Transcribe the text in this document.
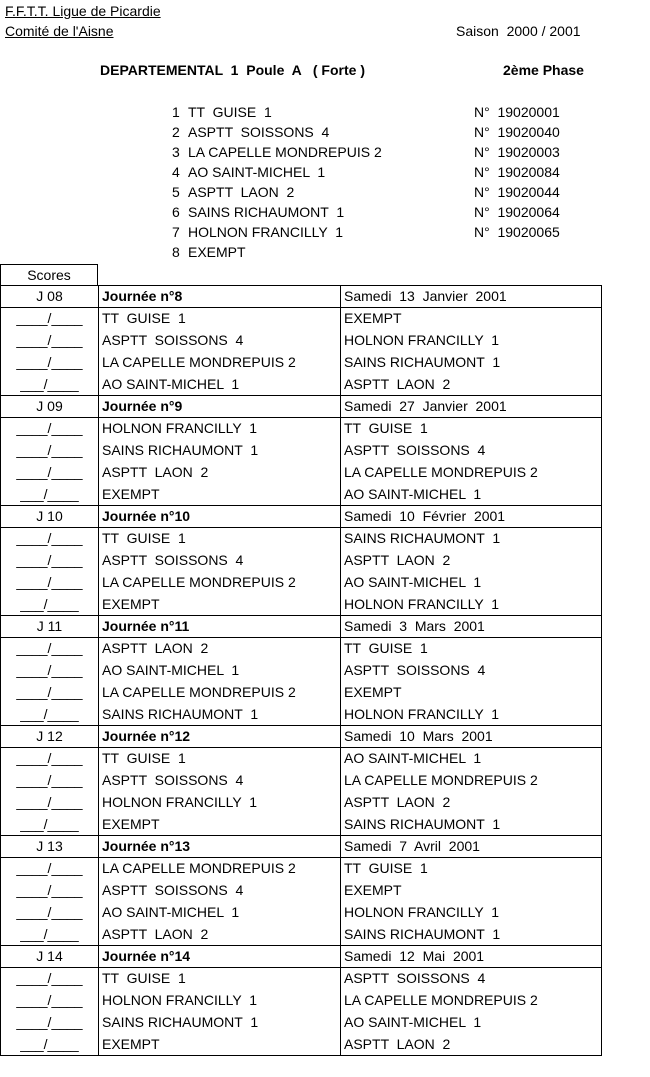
F.F.T.T. Ligue de Picardie
Comité de l'Aisne	Saison  2000 / 2001
DEPARTEMENTAL  1  Poule  A   ( Forte )	2ème Phase
1 TT  GUISE  1	N°  19020001
2 ASPTT  SOISSONS  4	N°  19020040
3 LA CAPELLE MONDREPUIS 2	N°  19020003
4 AO SAINT-MICHEL  1	N°  19020084
5 ASPTT  LAON  2	N°  19020044
6 SAINS RICHAUMONT  1	N°  19020064
7 HOLNON FRANCILLY  1	N°  19020065
8 EXEMPT
Scores
J 08	Journée n°8	Samedi  13  Janvier  2001
____/____	TT  GUISE  1	EXEMPT
____/____	ASPTT  SOISSONS  4	HOLNON FRANCILLY  1
____/____	LA CAPELLE MONDREPUIS 2	SAINS RICHAUMONT  1
___/____	AO SAINT-MICHEL  1	ASPTT  LAON  2
J 09	Journée n°9	Samedi  27  Janvier  2001
____/____	HOLNON FRANCILLY  1	TT  GUISE  1
____/____	SAINS RICHAUMONT  1	ASPTT  SOISSONS  4
____/____	ASPTT  LAON  2	LA CAPELLE MONDREPUIS 2
___/____	EXEMPT	AO SAINT-MICHEL  1
J 10	Journée n°10	Samedi  10  Février  2001
____/____	TT  GUISE  1	SAINS RICHAUMONT  1
____/____	ASPTT  SOISSONS  4	ASPTT  LAON  2
____/____	LA CAPELLE MONDREPUIS 2	AO SAINT-MICHEL  1
___/____	EXEMPT	HOLNON FRANCILLY  1
J 11	Journée n°11	Samedi  3  Mars  2001
____/____	ASPTT  LAON  2	TT  GUISE  1
____/____	AO SAINT-MICHEL  1	ASPTT  SOISSONS  4
____/____	LA CAPELLE MONDREPUIS 2	EXEMPT
___/____	SAINS RICHAUMONT  1	HOLNON FRANCILLY  1
J 12	Journée n°12	Samedi  10  Mars  2001
____/____	TT  GUISE  1	AO SAINT-MICHEL  1
____/____	ASPTT  SOISSONS  4	LA CAPELLE MONDREPUIS 2
____/____	HOLNON FRANCILLY  1	ASPTT  LAON  2
___/____	EXEMPT	SAINS RICHAUMONT  1
J 13	Journée n°13	Samedi  7  Avril  2001
____/____	LA CAPELLE MONDREPUIS 2	TT  GUISE  1
____/____	ASPTT  SOISSONS  4	EXEMPT
____/____	AO SAINT-MICHEL  1	HOLNON FRANCILLY  1
___/____	ASPTT  LAON  2	SAINS RICHAUMONT  1
J 14	Journée n°14	Samedi  12  Mai  2001
____/____	TT  GUISE  1	ASPTT  SOISSONS  4
____/____	HOLNON FRANCILLY  1	LA CAPELLE MONDREPUIS 2
____/____	SAINS RICHAUMONT  1	AO SAINT-MICHEL  1
___/____	EXEMPT	ASPTT  LAON  2
